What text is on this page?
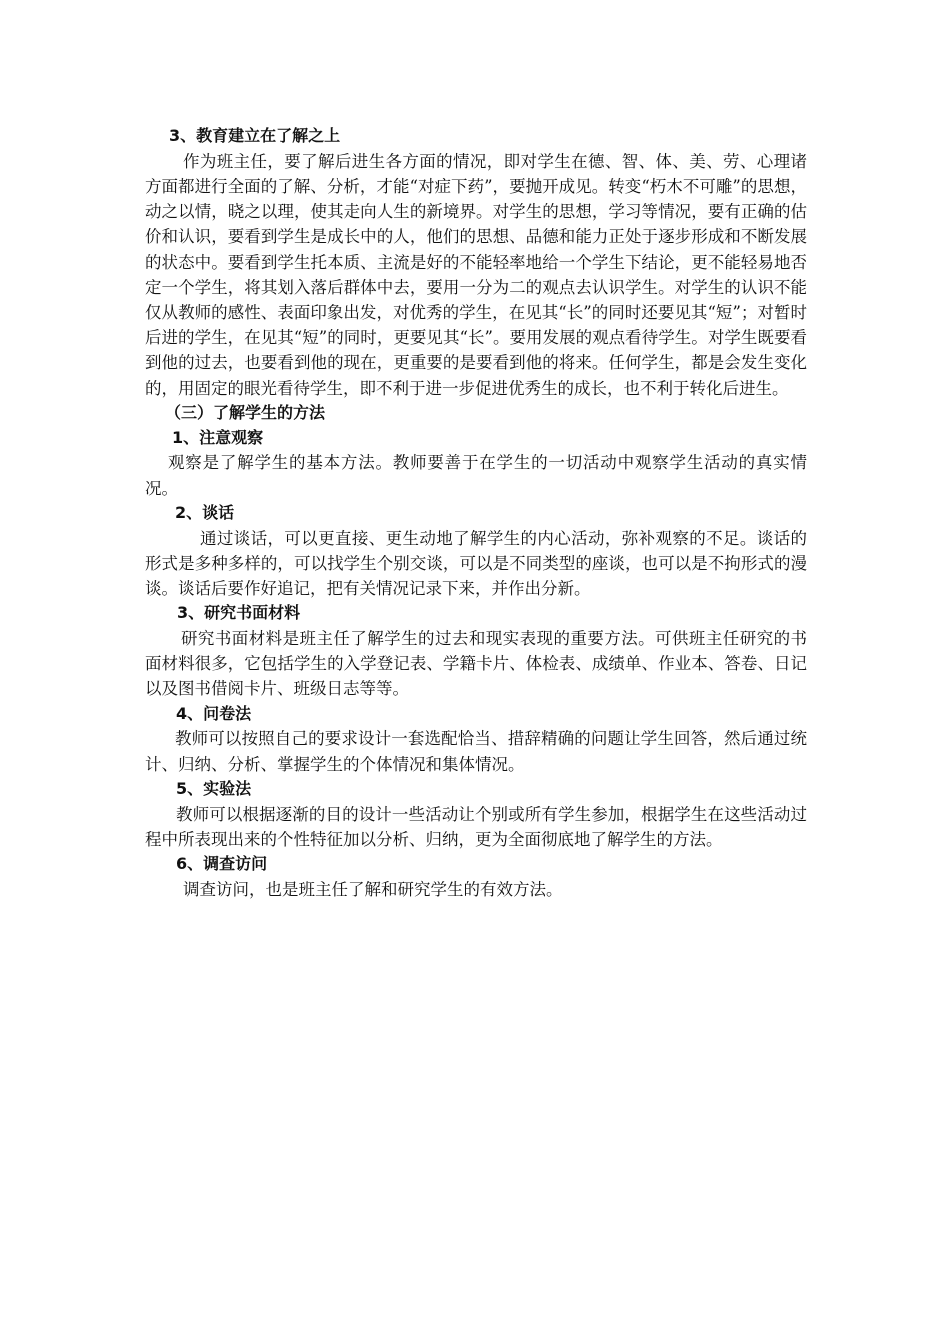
3、教育建立在了解之上

作为班主任，要了解后进生各方面的情况，即对学生在德、智、体、美、劳、心理诸方面都进行全面的了解、分析，才能“对症下药”，要抛开成见。转变“朽木不可雕”的思想，动之以情，晓之以理，使其走向人生的新境界。对学生的思想，学习等情况，要有正确的估价和认识，要看到学生是成长中的人，他们的思想、品德和能力正处于逐步形成和不断发展的状态中。要看到学生托本质、主流是好的不能轻率地给一个学生下结论，更不能轻易地否定一个学生，将其划入落后群体中去，要用一分为二的观点去认识学生。对学生的认识不能仅从教师的感性、表面印象出发，对优秀的学生，在见其“长”的同时还要见其“短”；对暂时后进的学生，在见其“短”的同时，更要见其“长”。要用发展的观点看待学生。对学生既要看到他的过去，也要看到他的现在，更重要的是要看到他的将来。任何学生，都是会发生变化的，用固定的眼光看待学生，即不利于进一步促进优秀生的成长，也不利于转化后进生。

（三）了解学生的方法

1、注意观察

观察是了解学生的基本方法。教师要善于在学生的一切活动中观察学生活动的真实情况。

2、谈话

通过谈话，可以更直接、更生动地了解学生的内心活动，弥补观察的不足。谈话的形式是多种多样的，可以找学生个别交谈，可以是不同类型的座谈，也可以是不拘形式的漫谈。谈话后要作好追记，把有关情况记录下来，并作出分新。

3、研究书面材料

研究书面材料是班主任了解学生的过去和现实表现的重要方法。可供班主任研究的书面材料很多，它包括学生的入学登记表、学籍卡片、体检表、成绩单、作业本、答卷、日记以及图书借阅卡片、班级日志等等。

4、问卷法

教师可以按照自己的要求设计一套选配恰当、措辞精确的问题让学生回答，然后通过统计、归纳、分析、掌握学生的个体情况和集体情况。

5、实验法

教师可以根据逐渐的目的设计一些活动让个别或所有学生参加，根据学生在这些活动过程中所表现出来的个性特征加以分析、归纳，更为全面彻底地了解学生的方法。

6、调查访问

调查访问，也是班主任了解和研究学生的有效方法。
